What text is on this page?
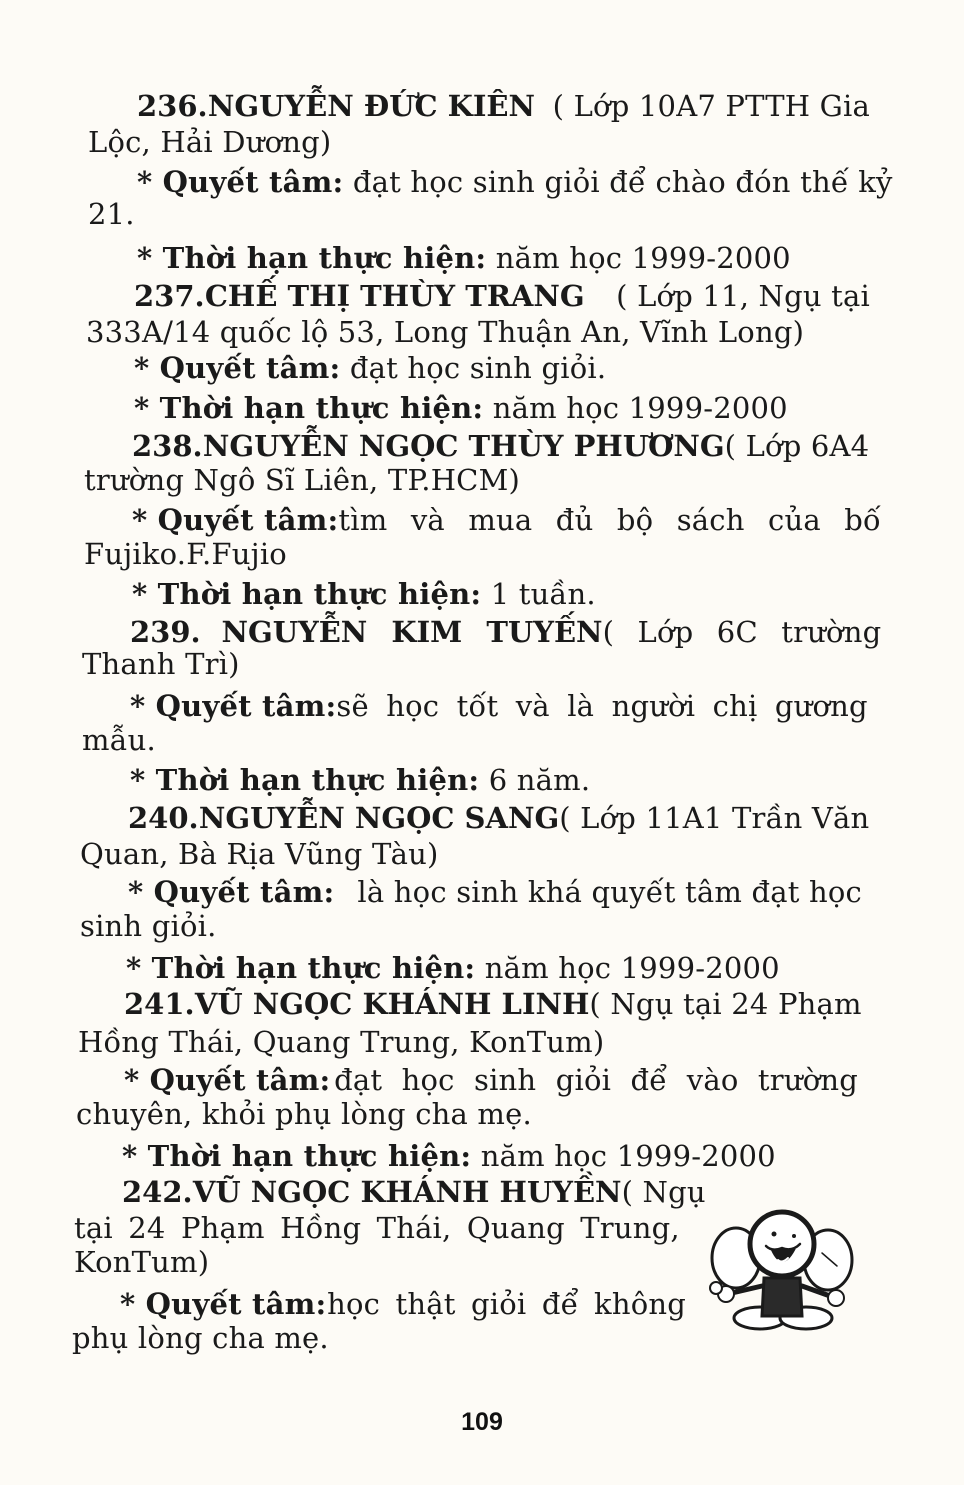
236.NGUYỄN ĐỨC KIÊN ( Lớp 10A7 PTTH Gia
Lộc, Hải Dương)
* Quyết tâm: đạt học sinh giỏi để chào đón thế kỷ
21.
* Thời hạn thực hiện: năm học 1999-2000
237.CHẾ THỊ THÙY TRANG ( Lớp 11, Ngụ tại
333A/14 quốc lộ 53, Long Thuận An, Vĩnh Long)
* Quyết tâm: đạt học sinh giỏi.
* Thời hạn thực hiện: năm học 1999-2000
238.NGUYỄN NGỌC THÙY PHƯƠNG ( Lớp 6A4
trường Ngô Sĩ Liên, TP.HCM)
* Quyết tâm: tìm và mua đủ bộ sách của bố
Fujiko.F.Fujio
* Thời hạn thực hiện: 1 tuần.
239.  NGUYỄN KIM TUYẾN ( Lớp 6C trường
Thanh Trì)
* Quyết tâm: sẽ học tốt và là người chị gương
mẫu.
* Thời hạn thực hiện: 6 năm.
240.NGUYỄN NGỌC SANG ( Lớp 11A1 Trần Văn
Quan, Bà Rịa Vũng Tàu)
* Quyết tâm: là học sinh khá quyết tâm đạt học
sinh giỏi.
* Thời hạn thực hiện: năm học 1999-2000
241.VŨ NGỌC KHÁNH LINH ( Ngụ tại 24 Phạm
Hồng Thái, Quang Trung, KonTum)
* Quyết tâm: đạt học sinh giỏi để vào trường
chuyên, khỏi phụ lòng cha mẹ.
* Thời hạn thực hiện: năm học 1999-2000
242.VŨ NGỌC KHÁNH HUYỀN ( Ngụ
tại 24 Phạm Hồng Thái, Quang Trung,
KonTum)
* Quyết tâm: học thật giỏi để không
phụ lòng cha mẹ.
109
